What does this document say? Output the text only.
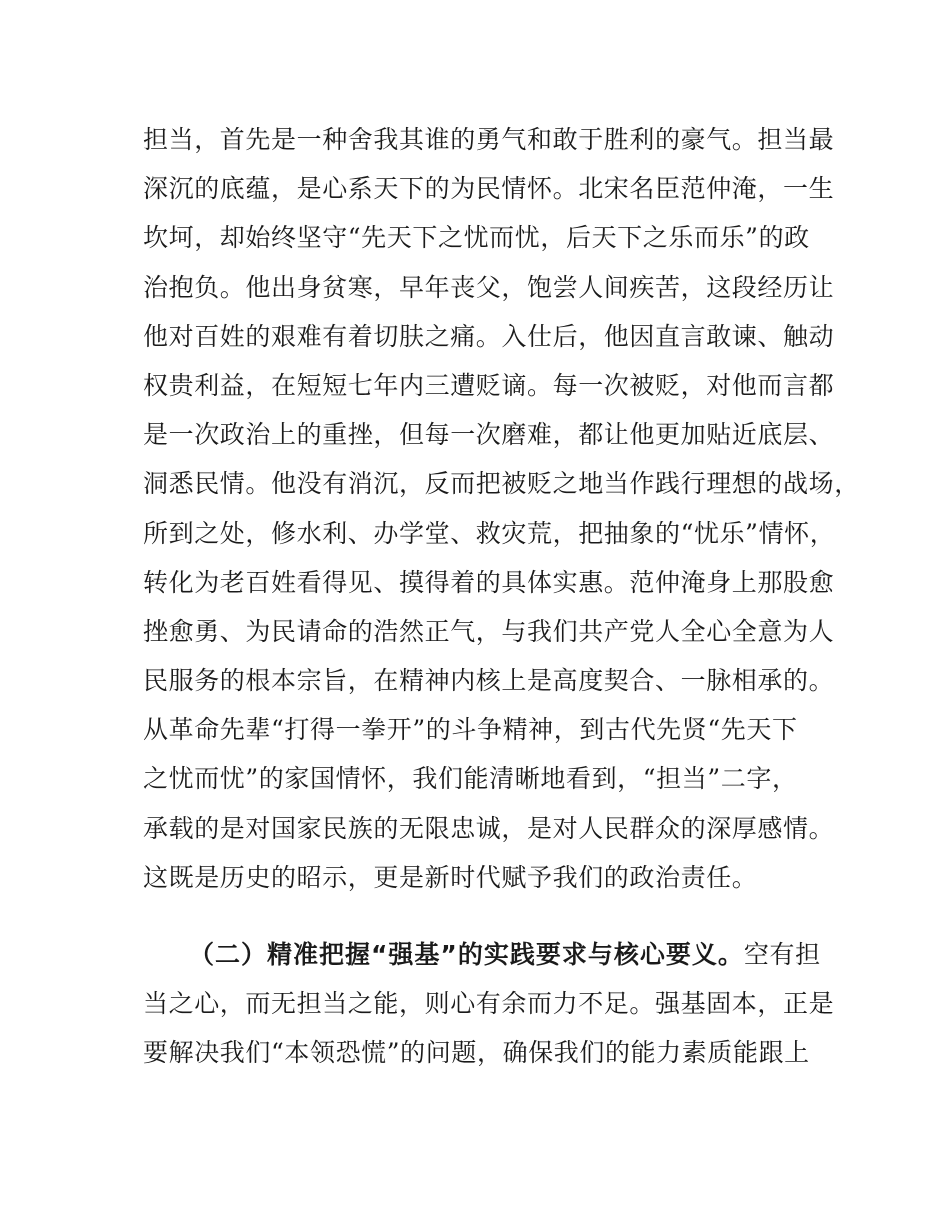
担当，首先是一种舍我其谁的勇气和敢于胜利的豪气。担当最
深沉的底蕴，是心系天下的为民情怀。北宋名臣范仲淹，一生
坎坷，却始终坚守“先天下之忧而忧，后天下之乐而乐”的政
治抱负。他出身贫寒，早年丧父，饱尝人间疾苦，这段经历让
他对百姓的艰难有着切肤之痛。入仕后，他因直言敢谏、触动
权贵利益，在短短七年内三遭贬谪。每一次被贬，对他而言都
是一次政治上的重挫，但每一次磨难，都让他更加贴近底层、
洞悉民情。他没有消沉，反而把被贬之地当作践行理想的战场，
所到之处，修水利、办学堂、救灾荒，把抽象的“忧乐”情怀，
转化为老百姓看得见、摸得着的具体实惠。范仲淹身上那股愈
挫愈勇、为民请命的浩然正气，与我们共产党人全心全意为人
民服务的根本宗旨，在精神内核上是高度契合、一脉相承的。
从革命先辈“打得一拳开”的斗争精神，到古代先贤“先天下
之忧而忧”的家国情怀，我们能清晰地看到，“担当”二字，
承载的是对国家民族的无限忠诚，是对人民群众的深厚感情。
这既是历史的昭示，更是新时代赋予我们的政治责任。
（二）精准把握“强基”的实践要求与核心要义。空有担
当之心，而无担当之能，则心有余而力不足。强基固本，正是
要解决我们“本领恐慌”的问题，确保我们的能力素质能跟上
